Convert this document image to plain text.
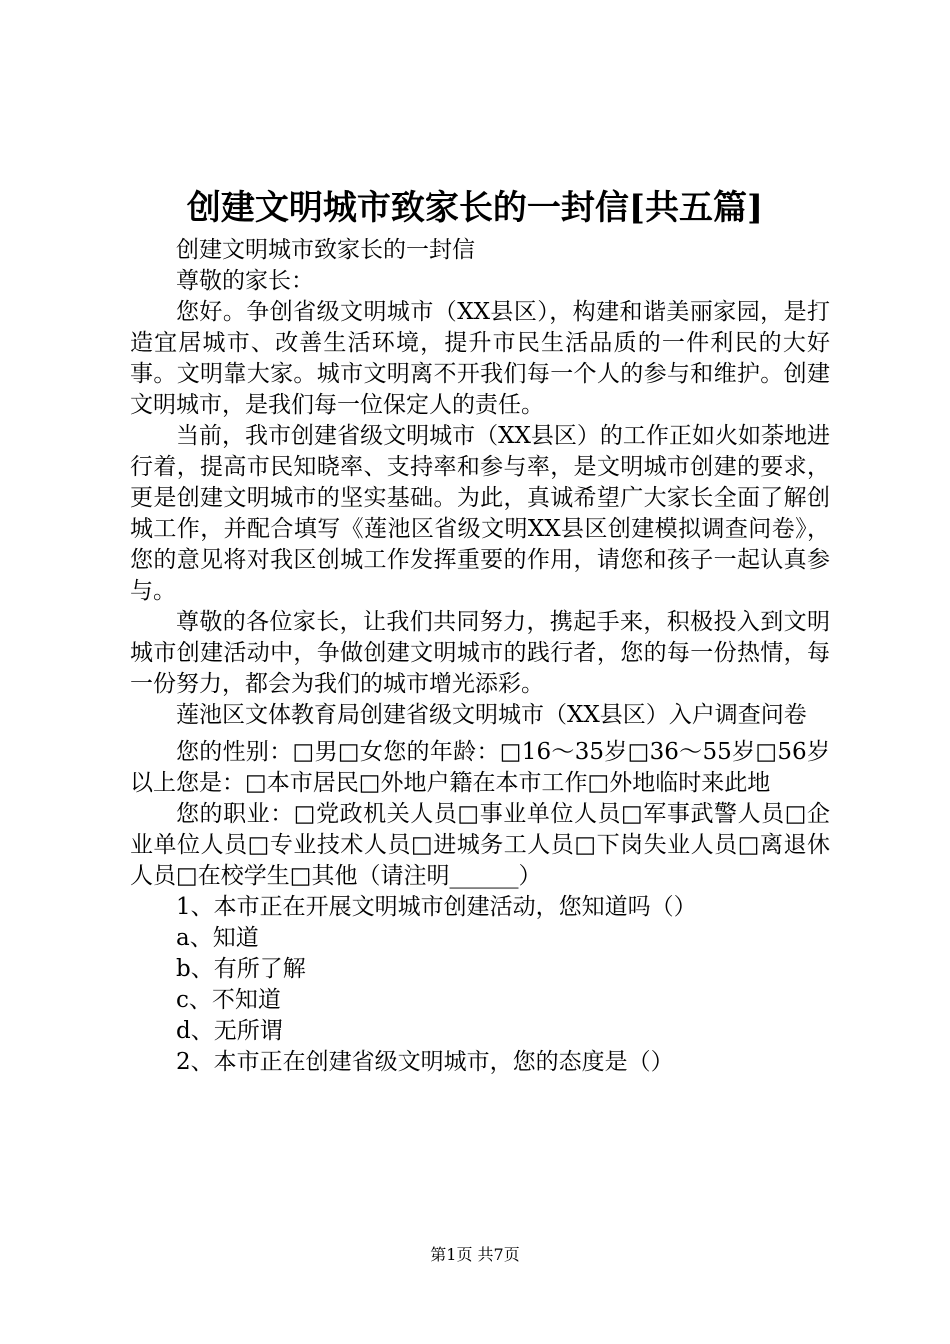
创建文明城市致家长的一封信[共五篇]

创建文明城市致家长的一封信

尊敬的家长：

您好。争创省级文明城市（XX县区），构建和谐美丽家园，是打造宜居城市、改善生活环境，提升市民生活品质的一件利民的大好事。文明靠大家。城市文明离不开我们每一个人的参与和维护。创建文明城市，是我们每一位保定人的责任。

当前，我市创建省级文明城市（XX县区）的工作正如火如荼地进行着，提高市民知晓率、支持率和参与率，是文明城市创建的要求，更是创建文明城市的坚实基础。为此，真诚希望广大家长全面了解创城工作，并配合填写《莲池区省级文明XX县区创建模拟调查问卷》，您的意见将对我区创城工作发挥重要的作用，请您和孩子一起认真参与。

尊敬的各位家长，让我们共同努力，携起手来，积极投入到文明城市创建活动中，争做创建文明城市的践行者，您的每一份热情，每一份努力，都会为我们的城市增光添彩。

莲池区文体教育局创建省级文明城市（XX县区）入户调查问卷

您的性别：□男□女您的年龄：□16～35岁□36～55岁□56岁以上您是：□本市居民□外地户籍在本市工作□外地临时来此地

您的职业：□党政机关人员□事业单位人员□军事武警人员□企业单位人员□专业技术人员□进城务工人员□下岗失业人员□离退休人员□在校学生□其他（请注明______）

1、本市正在开展文明城市创建活动，您知道吗（）

a、知道

b、有所了解

c、不知道

d、无所谓

2、本市正在创建省级文明城市，您的态度是（）

第1页 共7页
